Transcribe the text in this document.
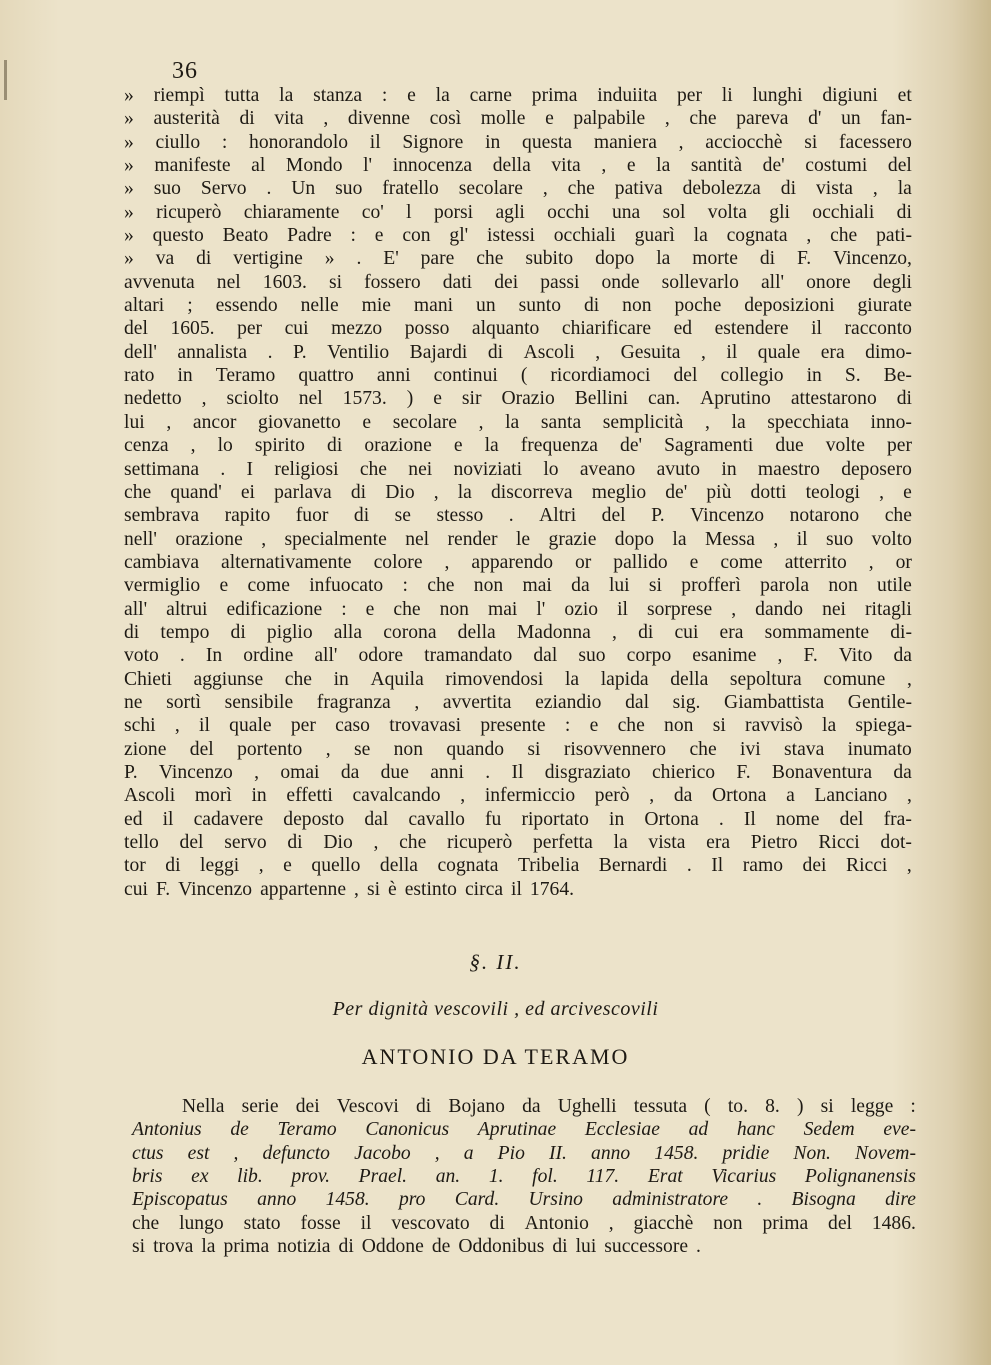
36
» riempì tutta la stanza : e la carne prima induiita per li lunghi digiuni et
» austerità di vita , divenne così molle e palpabile , che pareva d' un fan-
» ciullo : honorandolo il Signore in questa maniera , acciocchè si facessero
» manifeste al Mondo l' innocenza della vita , e la santità de' costumi del
» suo Servo . Un suo fratello secolare , che pativa debolezza di vista , la
» ricuperò chiaramente co' l porsi agli occhi una sol volta gli occhiali di
» questo Beato Padre : e con gl' istessi occhiali guarì la cognata , che pati-
» va di vertigine » . E' pare che subito dopo la morte di F. Vincenzo,
avvenuta nel 1603. si fossero dati dei passi onde sollevarlo all' onore degli
altari ; essendo nelle mie mani un sunto di non poche deposizioni giurate
del 1605. per cui mezzo posso alquanto chiarificare ed estendere il racconto
dell' annalista . P. Ventilio Bajardi di Ascoli , Gesuita , il quale era dimo-
rato in Teramo quattro anni continui ( ricordiamoci del collegio in S. Be-
nedetto , sciolto nel 1573. ) e sir Orazio Bellini can. Aprutino attestarono di
lui , ancor giovanetto e secolare , la santa semplicità , la specchiata inno-
cenza , lo spirito di orazione e la frequenza de' Sagramenti due volte per
settimana . I religiosi che nei noviziati lo aveano avuto in maestro deposero
che quand' ei parlava di Dio , la discorreva meglio de' più dotti teologi , e
sembrava rapito fuor di se stesso . Altri del P. Vincenzo notarono che
nell' orazione , specialmente nel render le grazie dopo la Messa , il suo volto
cambiava alternativamente colore , apparendo or pallido e come atterrito , or
vermiglio e come infuocato : che non mai da lui si profferì parola non utile
all' altrui edificazione : e che non mai l' ozio il sorprese , dando nei ritagli
di tempo di piglio alla corona della Madonna , di cui era sommamente di-
voto . In ordine all' odore tramandato dal suo corpo esanime , F. Vito da
Chieti aggiunse che in Aquila rimovendosi la lapida della sepoltura comune ,
ne sortì sensibile fragranza , avvertita eziandio dal sig. Giambattista Gentile-
schi , il quale per caso trovavasi presente : e che non si ravvisò la spiega-
zione del portento , se non quando si risovvennero che ivi stava inumato
P. Vincenzo , omai da due anni . Il disgraziato chierico F. Bonaventura da
Ascoli morì in effetti cavalcando , infermiccio però , da Ortona a Lanciano ,
ed il cadavere deposto dal cavallo fu riportato in Ortona . Il nome del fra-
tello del servo di Dio , che ricuperò perfetta la vista era Pietro Ricci dot-
tor di leggi , e quello della cognata Tribelia Bernardi . Il ramo dei Ricci ,
cui F. Vincenzo appartenne , si è estinto circa il 1764.
§. II.
Per dignità vescovili , ed arcivescovili
ANTONIO DA TERAMO
Nella serie dei Vescovi di Bojano da Ughelli tessuta ( to. 8. ) si legge :
Antonius de Teramo Canonicus Aprutinae Ecclesiae ad hanc Sedem eve-
ctus est , defuncto Jacobo , a Pio II. anno 1458. pridie Non. Novem-
bris ex lib. prov. Prael. an. 1. fol. 117. Erat Vicarius Polignanensis
Episcopatus anno 1458. pro Card. Ursino administratore . Bisogna dire
che lungo stato fosse il vescovato di Antonio , giacchè non prima del 1486.
si trova la prima notizia di Oddone de Oddonibus di lui successore .
